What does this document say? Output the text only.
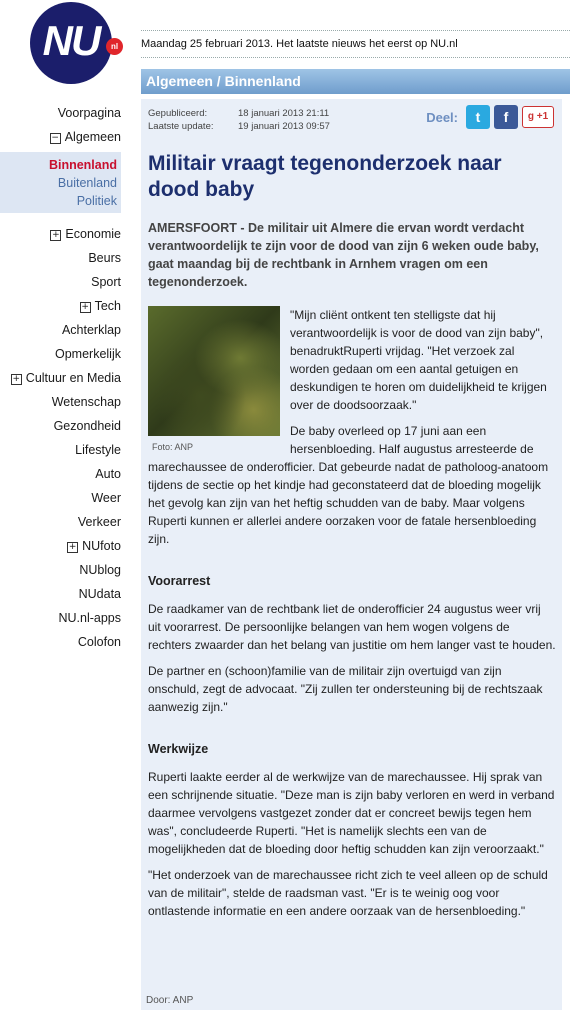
NU	nl	Maandag 25 februari 2013. Het laatste nieuws het eerst op NU.nl
Voorpagina
− Algemeen
Binnenland
Buitenland
Politiek
+ Economie
Beurs
Sport
+ Tech
Achterklap
Opmerkelijk
+ Cultuur en Media
Wetenschap
Gezondheid
Lifestyle
Auto
Weer
Verkeer
+ NUfoto
NUblog
NUdata
NU.nl-apps
Colofon
Algemeen / Binnenland
Gepubliceerd:	18 januari 2013 21:11
Laatste update:	19 januari 2013 09:57
Deel:	t	f	g +1
Militair vraagt tegenonderzoek naar dood baby

AMERSFOORT - De militair uit Almere die ervan wordt verdacht verantwoordelijk te zijn voor de dood van zijn 6 weken oude baby, gaat maandag bij de rechtbank in Arnhem vragen om een tegenonderzoek.

Foto: ANP

"Mijn cliënt ontkent ten stelligste dat hij verantwoordelijk is voor de dood van zijn baby", benadruktRuperti vrijdag. "Het verzoek zal worden gedaan om een aantal getuigen en deskundigen te horen om duidelijkheid te krijgen over de doodsoorzaak."

De baby overleed op 17 juni aan een hersenbloeding. Half augustus arresteerde de marechaussee de onderofficier. Dat gebeurde nadat de patholoog-anatoom tijdens de sectie op het kindje had geconstateerd dat de bloeding mogelijk het gevolg kan zijn van het heftig schudden van de baby. Maar volgens Ruperti kunnen er allerlei andere oorzaken voor de fatale hersenbloeding zijn.

Voorarrest

De raadkamer van de rechtbank liet de onderofficier 24 augustus weer vrij uit voorarrest. De persoonlijke belangen van hem wogen volgens de rechters zwaarder dan het belang van justitie om hem langer vast te houden.

De partner en (schoon)familie van de militair zijn overtuigd van zijn onschuld, zegt de advocaat. "Zij zullen ter ondersteuning bij de rechtszaak aanwezig zijn."

Werkwijze

Ruperti laakte eerder al de werkwijze van de marechaussee. Hij sprak van een schrijnende situatie. "Deze man is zijn baby verloren en werd in verband daarmee vervolgens vastgezet zonder dat er concreet bewijs tegen hem was", concludeerde Ruperti. "Het is namelijk slechts een van de mogelijkheden dat de bloeding door heftig schudden kan zijn veroorzaakt."

"Het onderzoek van de marechaussee richt zich te veel alleen op de schuld van de militair", stelde de raadsman vast. "Er is te weinig oog voor ontlastende informatie en een andere oorzaak van de hersenbloeding."

Door: ANP
